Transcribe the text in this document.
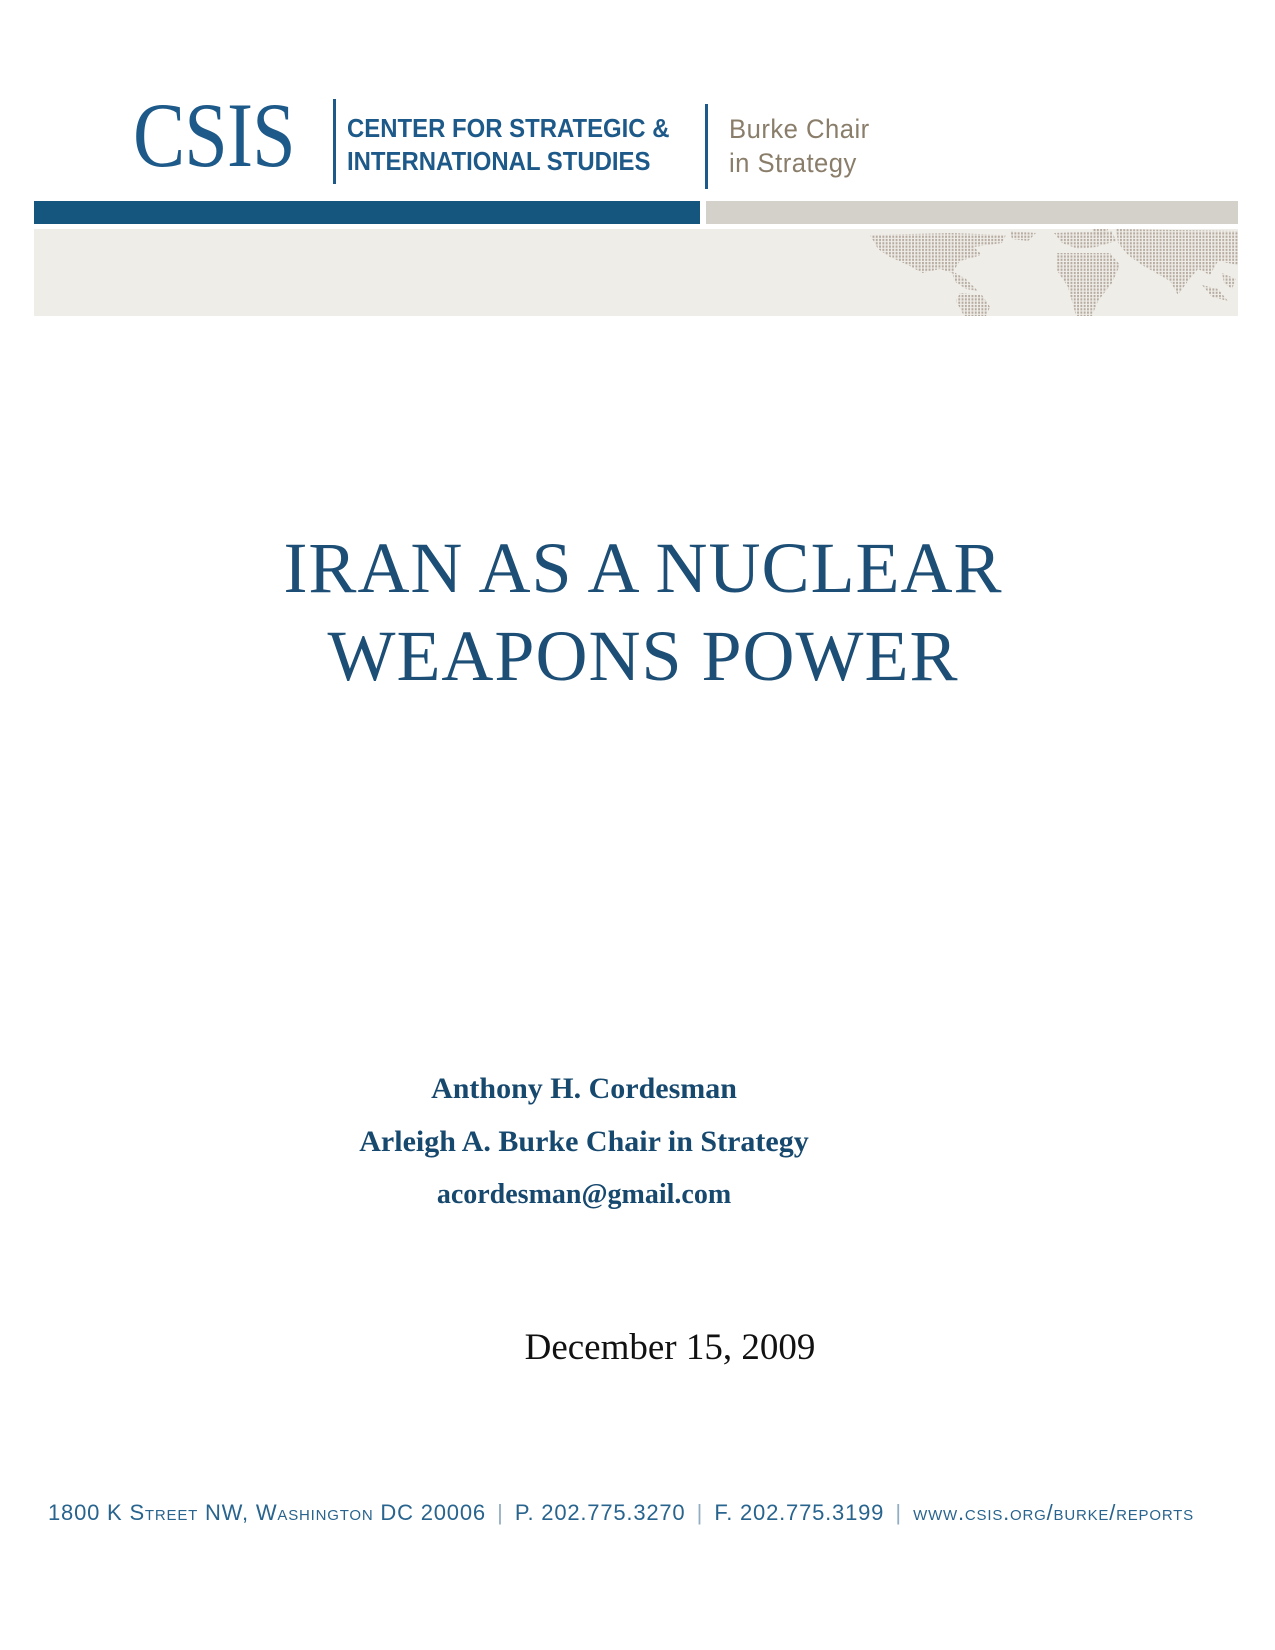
CSIS CENTER FOR STRATEGIC &
INTERNATIONAL STUDIES
Burke Chair
in Strategy
IRAN AS A NUCLEAR
WEAPONS POWER
Anthony H. Cordesman
Arleigh A. Burke Chair in Strategy
acordesman@gmail.com
December 15, 2009
1800 K Street NW, Washington DC 20006 | P. 202.775.3270 | F. 202.775.3199 | www.csis.org/burke/reports
